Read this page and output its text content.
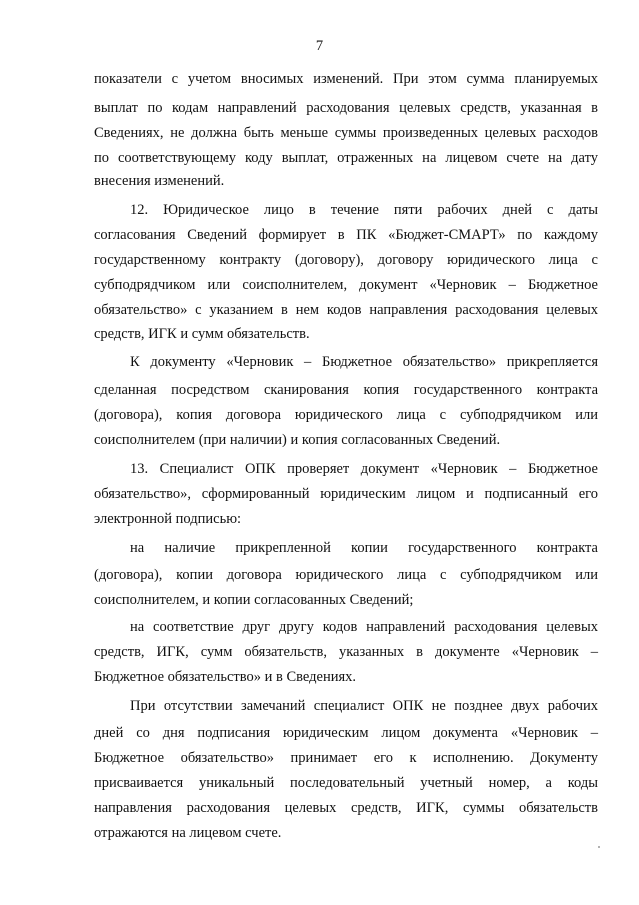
7
показатели с учетом вносимых изменений. При этом сумма планируемых
выплат по кодам направлений расходования целевых средств, указанная в
Сведениях, не должна быть меньше суммы произведенных целевых расходов
по соответствующему коду выплат, отраженных на лицевом счете на дату
внесения изменений.
12. Юридическое лицо в течение пяти рабочих дней с даты
согласования Сведений формирует в ПК «Бюджет-СМАРТ» по каждому
государственному контракту (договору), договору юридического лица с
субподрядчиком или соисполнителем, документ «Черновик – Бюджетное
обязательство» с указанием в нем кодов направления расходования целевых
средств, ИГК и сумм обязательств.
К документу «Черновик – Бюджетное обязательство» прикрепляется
сделанная посредством сканирования копия государственного контракта
(договора), копия договора юридического лица с субподрядчиком или
соисполнителем (при наличии) и копия согласованных Сведений.
13. Специалист ОПК проверяет документ «Черновик – Бюджетное
обязательство», сформированный юридическим лицом и подписанный его
электронной подписью:
на наличие прикрепленной копии государственного контракта
(договора), копии договора юридического лица с субподрядчиком или
соисполнителем, и копии согласованных Сведений;
на соответствие друг другу кодов направлений расходования целевых
средств, ИГК, сумм обязательств, указанных в документе «Черновик –
Бюджетное обязательство» и в Сведениях.
При отсутствии замечаний специалист ОПК не позднее двух рабочих
дней со дня подписания юридическим лицом документа «Черновик –
Бюджетное обязательство» принимает его к исполнению. Документу
присваивается уникальный последовательный учетный номер, а коды
направления расходования целевых средств, ИГК, суммы обязательств
отражаются на лицевом счете.
